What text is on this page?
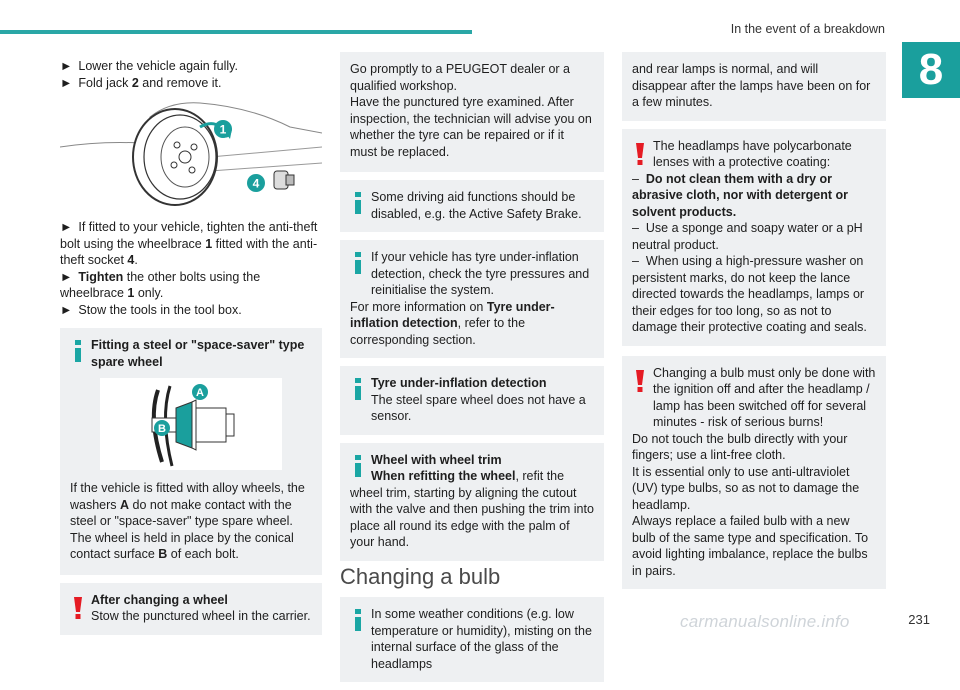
In the event of a breakdown
8

► Lower the vehicle again fully.

► Fold jack 2 and remove it.

1
4

► If fitted to your vehicle, tighten the anti-theft bolt using the wheelbrace 1 fitted with the anti-theft socket 4.

► Tighten the other bolts using the wheelbrace 1 only.

► Stow the tools in the tool box.

Fitting a steel or "space-saver" type spare wheel

A
B

If the vehicle is fitted with alloy wheels, the washers A do not make contact with the steel or "space-saver" type spare wheel. The wheel is held in place by the conical contact surface B of each bolt.

After changing a wheel

Stow the punctured wheel in the carrier.

Go promptly to a PEUGEOT dealer or a qualified workshop.
Have the punctured tyre examined. After inspection, the technician will advise you on whether the tyre can be repaired or if it must be replaced.

Some driving aid functions should be disabled, e.g. the Active Safety Brake.

If your vehicle has tyre under-inflation detection, check the tyre pressures and reinitialise the system.

For more information on Tyre under-inflation detection, refer to the corresponding section.

Tyre under-inflation detection

The steel spare wheel does not have a sensor.

Wheel with wheel trim

When refitting the wheel, refit the wheel trim, starting by aligning the cutout with the valve and then pushing the trim into place all round its edge with the palm of your hand.

Changing a bulb

In some weather conditions (e.g. low temperature or humidity), misting on the internal surface of the glass of the headlamps

and rear lamps is normal, and will disappear after the lamps have been on for a few minutes.

The headlamps have polycarbonate lenses with a protective coating:

– Do not clean them with a dry or abrasive cloth, nor with detergent or solvent products.

– Use a sponge and soapy water or a pH neutral product.

– When using a high-pressure washer on persistent marks, do not keep the lance directed towards the headlamps, lamps or their edges for too long, so as not to damage their protective coating and seals.

Changing a bulb must only be done with the ignition off and after the headlamp / lamp has been switched off for several minutes - risk of serious burns!

Do not touch the bulb directly with your fingers; use a lint-free cloth.

It is essential only to use anti-ultraviolet (UV) type bulbs, so as not to damage the headlamp.

Always replace a failed bulb with a new bulb of the same type and specification. To avoid lighting imbalance, replace the bulbs in pairs.

carmanualsonline.info	231
